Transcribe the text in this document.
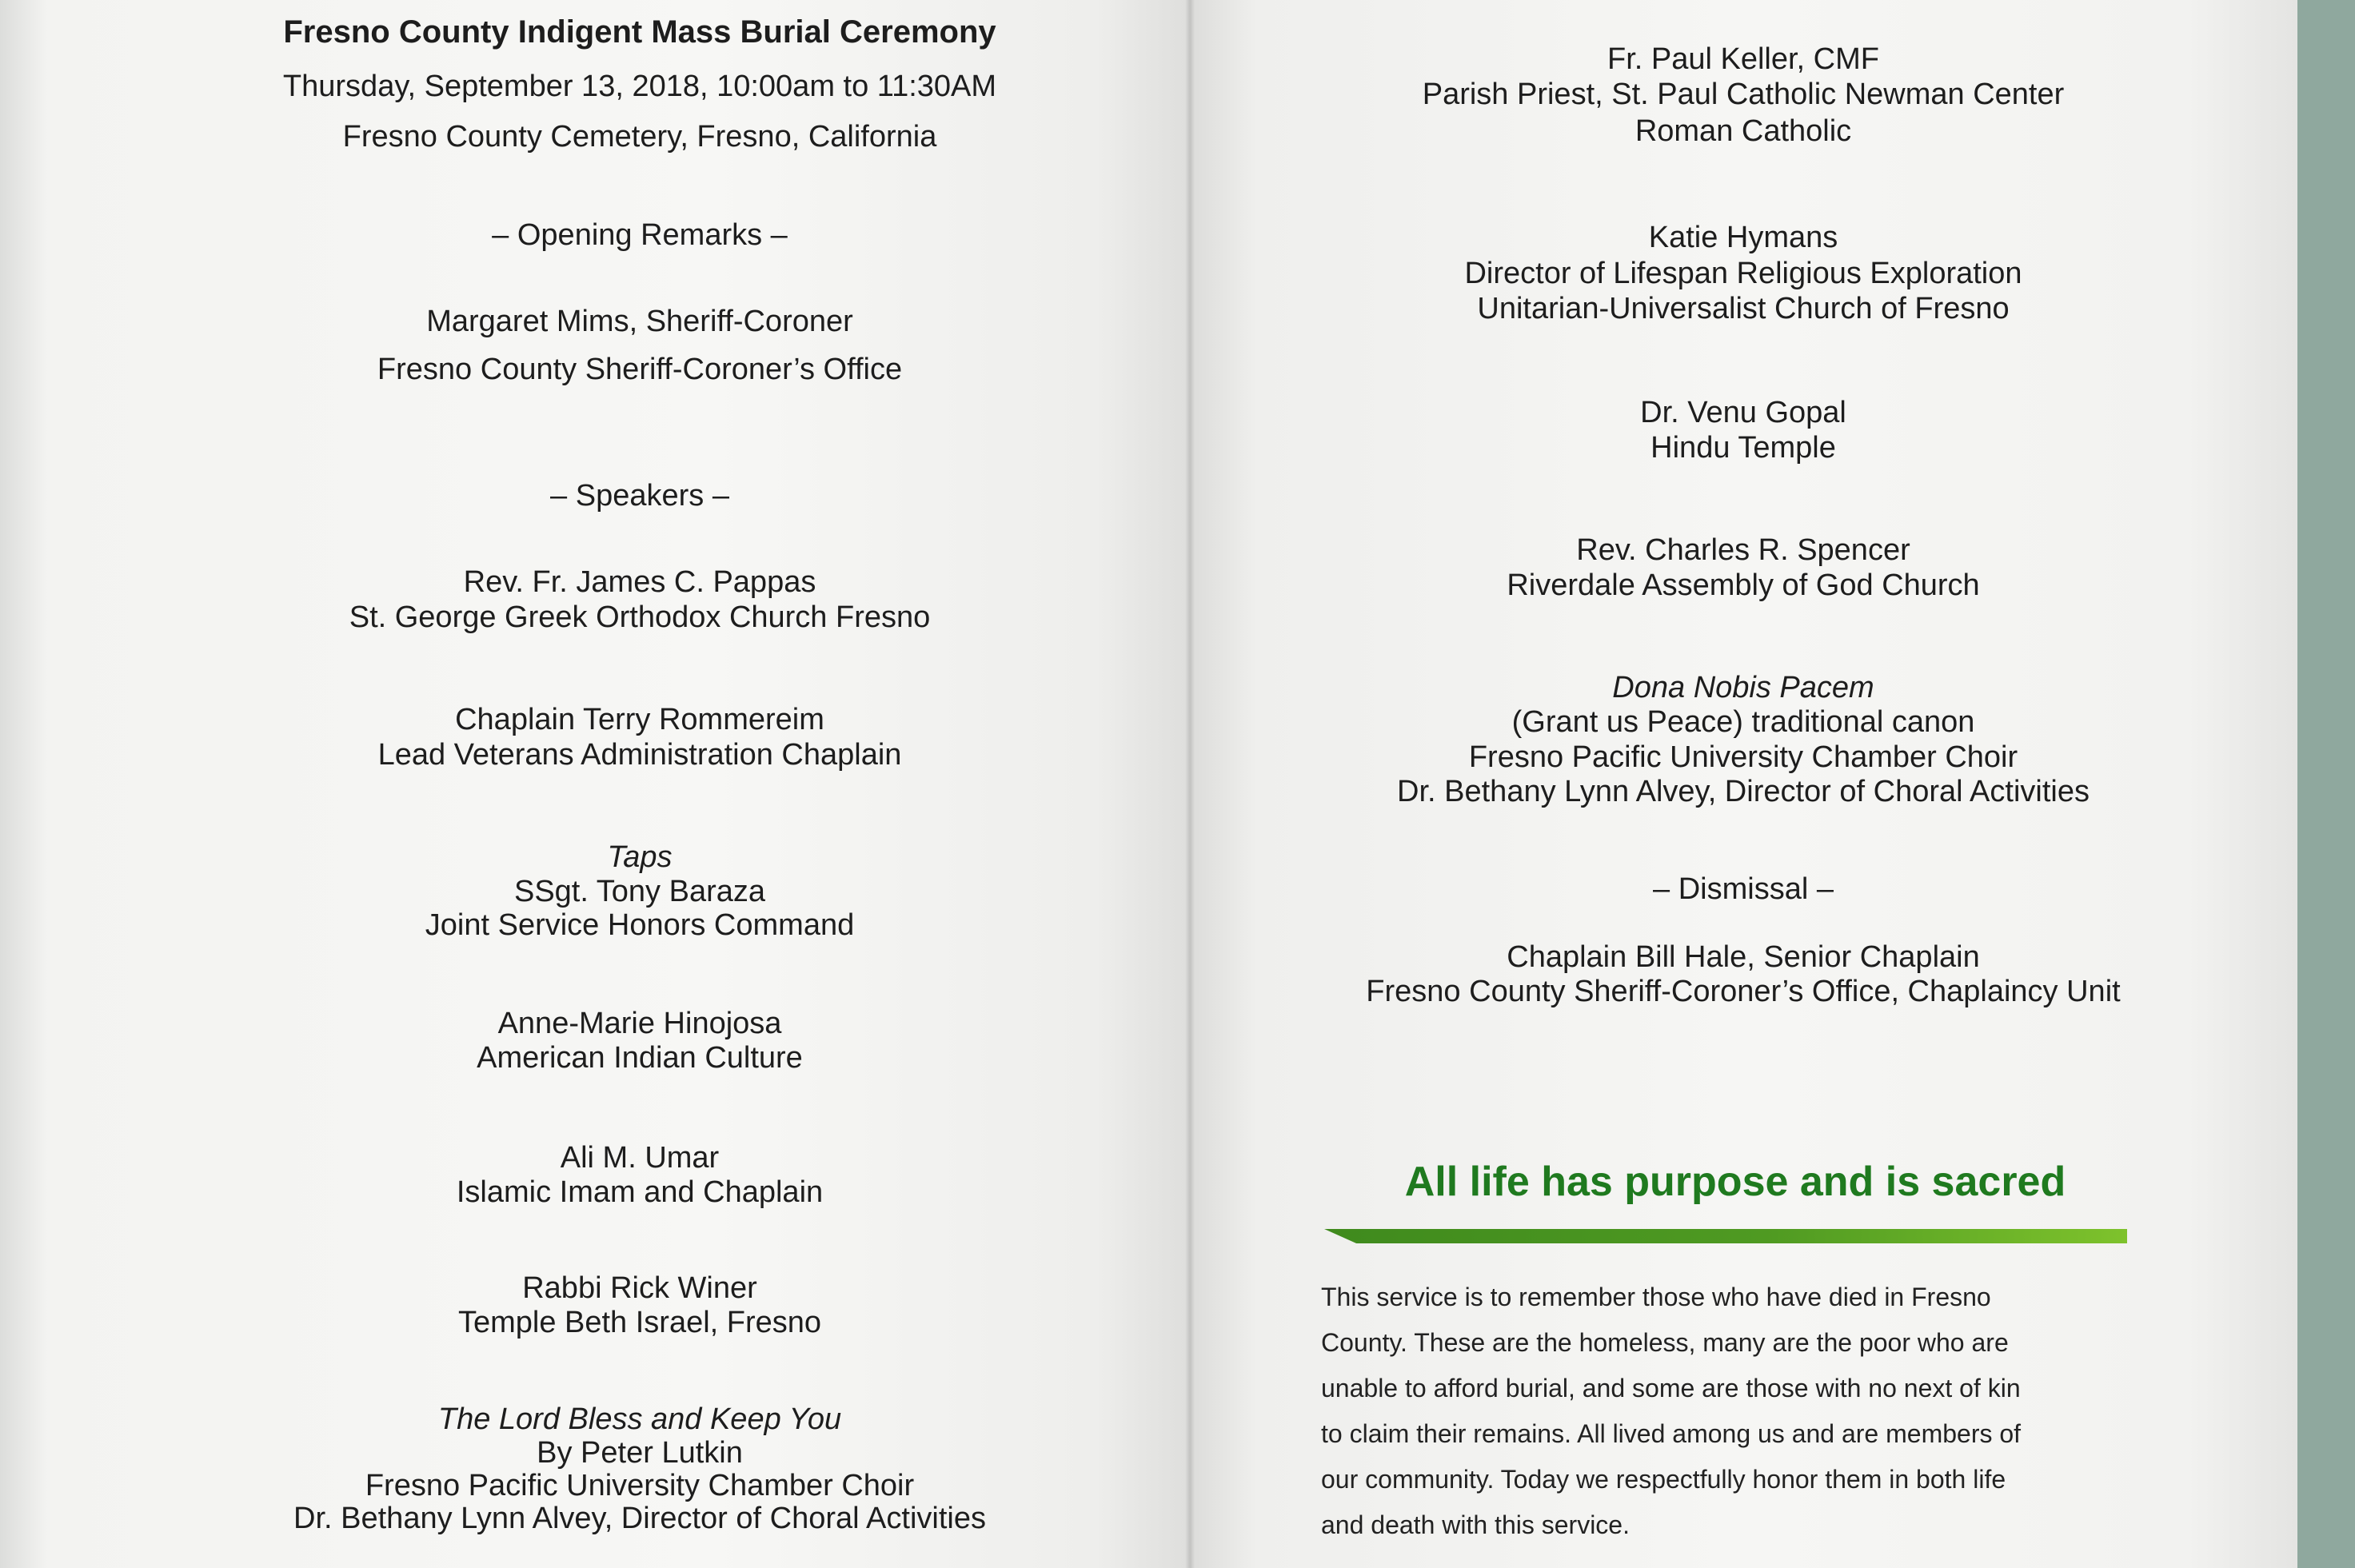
Fresno County Indigent Mass Burial Ceremony
Thursday, September 13, 2018, 10:00am to 11:30AM
Fresno County Cemetery, Fresno, California
– Opening Remarks –
Margaret Mims, Sheriff-Coroner
Fresno County Sheriff-Coroner’s Office
– Speakers –
Rev. Fr. James C. Pappas
St. George Greek Orthodox Church Fresno
Chaplain Terry Rommereim
Lead Veterans Administration Chaplain
Taps
SSgt. Tony Baraza
Joint Service Honors Command
Anne-Marie Hinojosa
American Indian Culture
Ali M. Umar
Islamic Imam and Chaplain
Rabbi Rick Winer
Temple Beth Israel, Fresno
The Lord Bless and Keep You
By Peter Lutkin
Fresno Pacific University Chamber Choir
Dr. Bethany Lynn Alvey, Director of Choral Activities
Fr. Paul Keller, CMF
Parish Priest, St. Paul Catholic Newman Center
Roman Catholic
Katie Hymans
Director of Lifespan Religious Exploration
Unitarian-Universalist Church of Fresno
Dr. Venu Gopal
Hindu Temple
Rev. Charles R. Spencer
Riverdale Assembly of God Church
Dona Nobis Pacem
(Grant us Peace) traditional canon
Fresno Pacific University Chamber Choir
Dr. Bethany Lynn Alvey, Director of Choral Activities
– Dismissal –
Chaplain Bill Hale, Senior Chaplain
Fresno County Sheriff-Coroner’s Office, Chaplaincy Unit
All life has purpose and is sacred
This service is to remember those who have died in Fresno
County. These are the homeless, many are the poor who are
unable to afford burial, and some are those with no next of kin
to claim their remains. All lived among us and are members of
our community. Today we respectfully honor them in both life
and death with this service.
